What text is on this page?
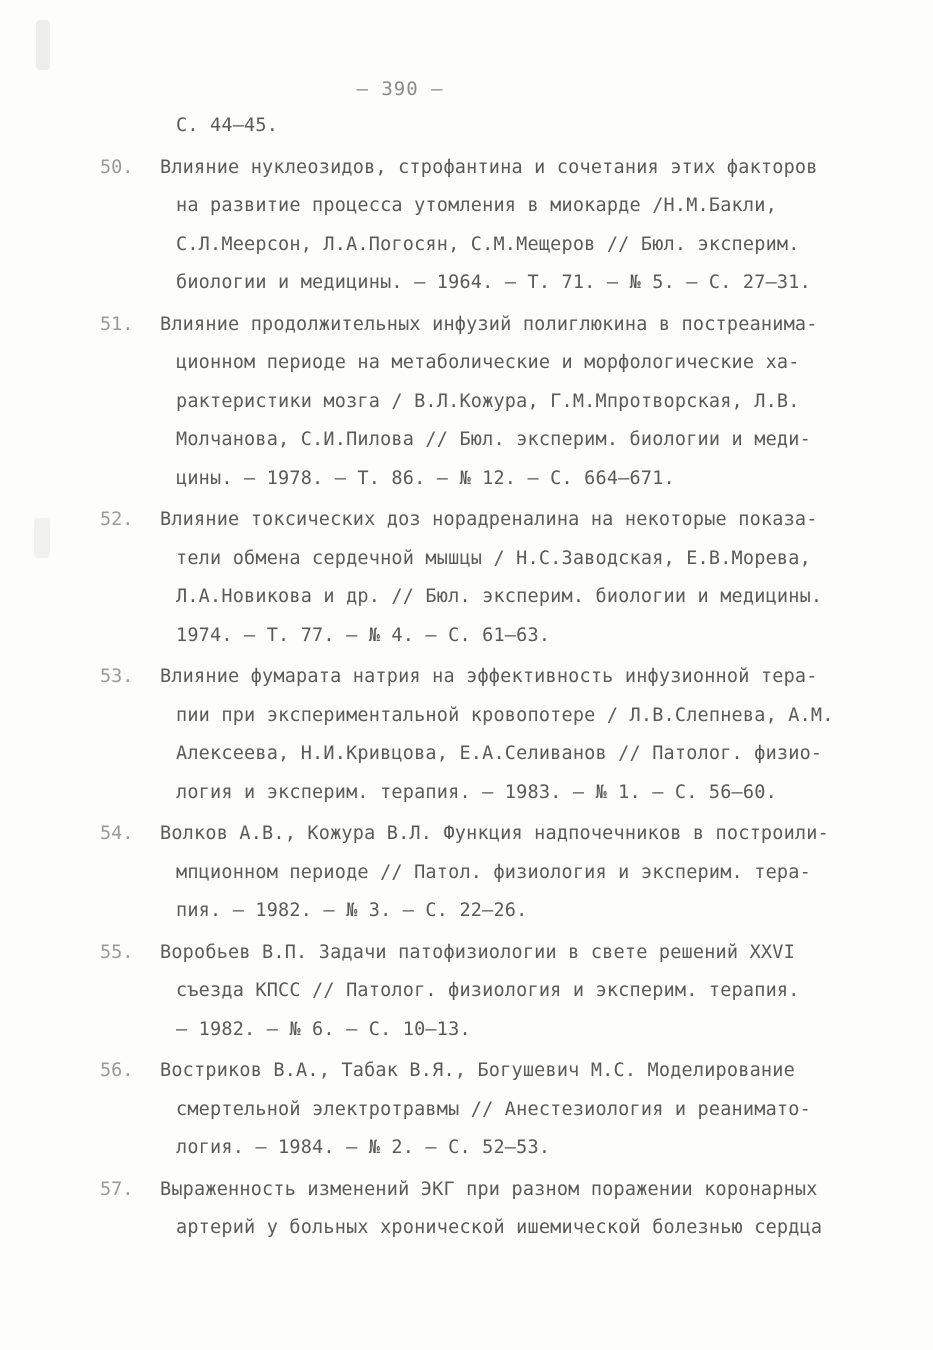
– 390 –
С. 44–45.
50. Влияние нуклеозидов, строфантина и сочетания этих факторов
на развитие процесса утомления в миокарде /Н.М.Бакли,
С.Л.Меерсон, Л.А.Погосян, С.М.Мещеров // Бюл. эксперим.
биологии и медицины. – 1964. – Т. 71. – № 5. – С. 27–31.
51. Влияние продолжительных инфузий полиглюкина в постреанима-
ционном периоде на метаболические и морфологические ха-
рактеристики мозга / В.Л.Кожура, Г.М.Мпротворская, Л.В.
Молчанова, С.И.Пилова // Бюл. эксперим. биологии и меди-
цины. – 1978. – Т. 86. – № 12. – С. 664–671.
52. Влияние токсических доз норадреналина на некоторые показа-
тели обмена сердечной мышцы / Н.С.Заводская, Е.В.Морева,
Л.А.Новикова и др. // Бюл. эксперим. биологии и медицины.
1974. – Т. 77. – № 4. – С. 61–63.
53. Влияние фумарата натрия на эффективность инфузионной тера-
пии при экспериментальной кровопотере / Л.В.Слепнева, А.М.
Алексеева, Н.И.Кривцова, Е.А.Селиванов // Патолог. физио-
логия и эксперим. терапия. – 1983. – № 1. – С. 56–60.
54. Волков А.В., Кожура В.Л. Функция надпочечников в построили-
мпционном периоде // Патол. физиология и эксперим. тера-
пия. – 1982. – № 3. – С. 22–26.
55. Воробьев В.П. Задачи патофизиологии в свете решений XXVI
съезда КПСС // Патолог. физиология и эксперим. терапия.
– 1982. – № 6. – С. 10–13.
56. Востриков В.А., Табак В.Я., Богушевич М.С. Моделирование
смертельной электротравмы // Анестезиология и реанимато-
логия. – 1984. – № 2. – С. 52–53.
57. Выраженность изменений ЭКГ при разном поражении коронарных
артерий у больных хронической ишемической болезнью сердца
